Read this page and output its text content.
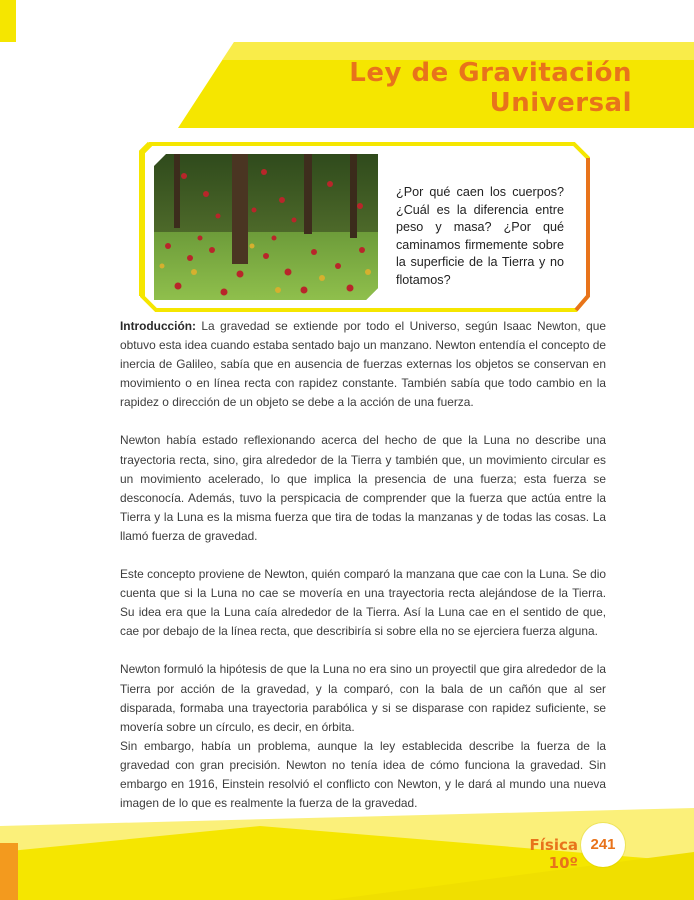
Ley de Gravitación
Universal
¿Por qué caen los cuerpos? ¿Cuál es la diferencia entre peso y masa? ¿Por qué caminamos firmemente sobre la superficie de la Tierra y no flotamos?

Introducción: La gravedad se extiende por todo el Universo, según Isaac Newton, que obtuvo esta idea cuando estaba sentado bajo un manzano. Newton entendía el concepto de inercia de Galileo, sabía que en ausencia de fuerzas externas los objetos se conservan en movimiento o en línea recta con rapidez constante. También sabía que todo cambio en la rapidez o dirección de un objeto se debe a la acción de una fuerza.

Newton había estado reflexionando acerca del hecho de que la Luna no describe una trayectoria recta, sino, gira alrededor de la Tierra y también que, un movimiento circular es un movimiento acelerado, lo que implica la presencia de una fuerza; esta fuerza se desconocía. Además, tuvo la perspicacia de comprender que la fuerza que actúa entre la Tierra y la Luna es la misma fuerza que tira de todas la manzanas y de todas las cosas. La llamó fuerza de gravedad.

Este concepto proviene de Newton, quién comparó la manzana que cae con la Luna. Se dio cuenta que si la Luna no cae se movería en una trayectoria recta alejándose de la Tierra. Su idea era que la Luna caía alrededor de la Tierra. Así la Luna cae en el sentido de que, cae por debajo de la línea recta, que describiría si sobre ella no se ejerciera fuerza alguna.

Newton formuló la hipótesis de que la Luna no era sino un proyectil que gira alrededor de la Tierra por acción de la gravedad, y la comparó, con la bala de un cañón que al ser disparada, formaba una trayectoria parabólica y si se disparase con rapidez suficiente, se movería sobre un círculo, es decir, en órbita.

Sin embargo, había un problema, aunque la ley establecida describe la fuerza de la gravedad con gran precisión. Newton no tenía idea de cómo funciona la gravedad. Sin embargo en 1916, Einstein resolvió el conflicto con Newton, y le dará al mundo una nueva imagen de lo que es realmente la fuerza de la gravedad.

Física 10º
241
